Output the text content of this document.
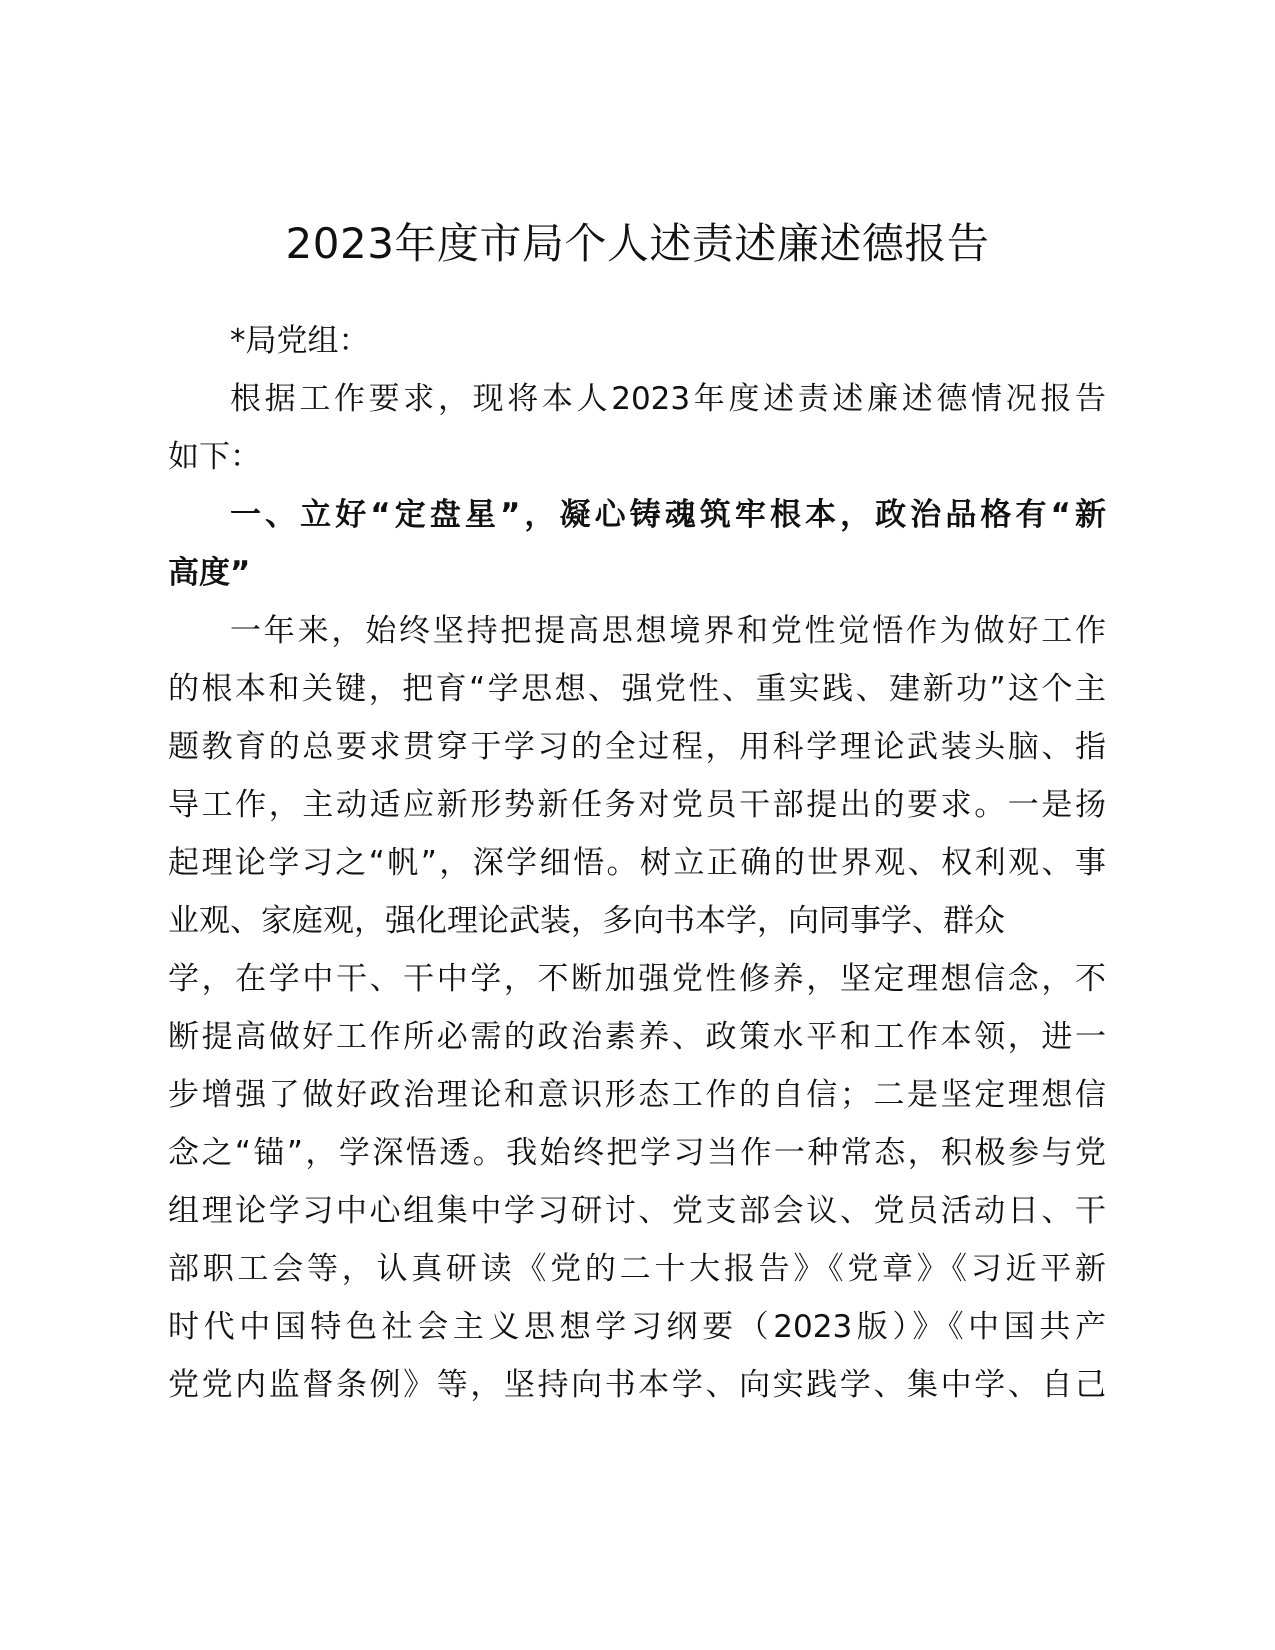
2023年度市局个人述责述廉述德报告
*局党组：
根据工作要求，现将本人2023年度述责述廉述德情况报告
如下：
一、立好“定盘星”，凝心铸魂筑牢根本，政治品格有“新
高度”
一年来，始终坚持把提高思想境界和党性觉悟作为做好工作
的根本和关键，把育“学思想、强党性、重实践、建新功”这个主
题教育的总要求贯穿于学习的全过程，用科学理论武装头脑、指
导工作，主动适应新形势新任务对党员干部提出的要求。一是扬
起理论学习之“帆”，深学细悟。树立正确的世界观、权利观、事
业观、家庭观，强化理论武装，多向书本学，向同事学、群众
学，在学中干、干中学，不断加强党性修养，坚定理想信念，不
断提高做好工作所必需的政治素养、政策水平和工作本领，进一
步增强了做好政治理论和意识形态工作的自信；二是坚定理想信
念之“锚”，学深悟透。我始终把学习当作一种常态，积极参与党
组理论学习中心组集中学习研讨、党支部会议、党员活动日、干
部职工会等，认真研读《党的二十大报告》《党章》《习近平新
时代中国特色社会主义思想学习纲要（2023版）》《中国共产
党党内监督条例》等，坚持向书本学、向实践学、集中学、自己
